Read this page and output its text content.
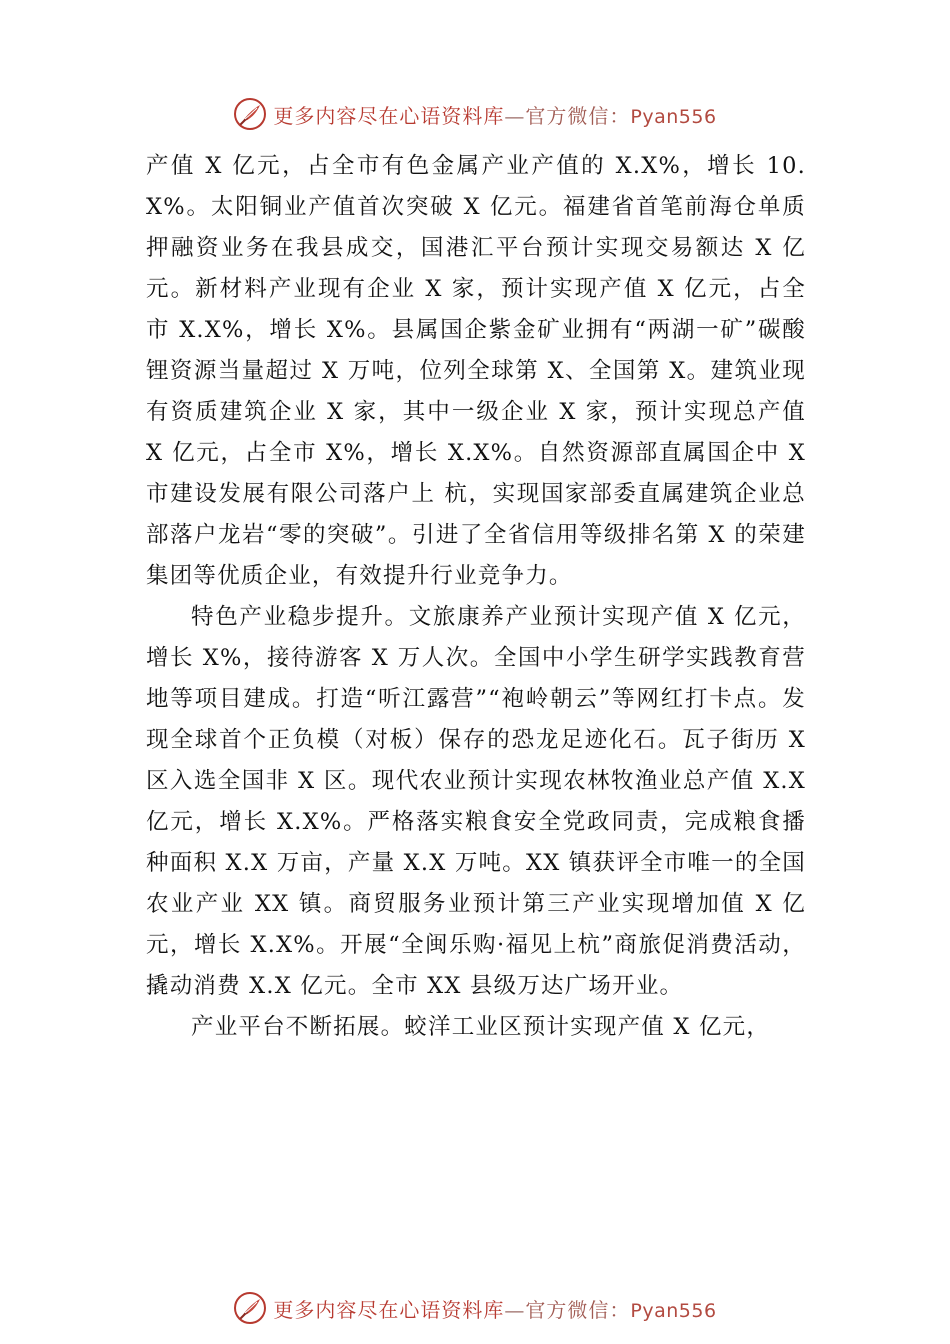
更多内容尽在心语资料库—官方微信：Pyan556

产值 X 亿元，占全市有色金属产业产值的 X.X%，增长 10.X%。太阳铜业产值首次突破 X 亿元。福建省首笔前海仓单质押融资业务在我县成交，国港汇平台预计实现交易额达 X 亿元。新材料产业现有企业 X 家，预计实现产值 X 亿元，占全市 X.X%，增长 X%。县属国企紫金矿业拥有“两湖一矿”碳酸锂资源当量超过 X 万吨，位列全球第 X、全国第 X。建筑业现有资质建筑企业 X 家，其中一级企业 X 家，预计实现总产值 X 亿元，占全市 X%，增长 X.X%。自然资源部直属国企中 X 市建设发展有限公司落户上 杭，实现国家部委直属建筑企业总部落户龙岩“零的突破”。引进了全省信用等级排名第 X 的荣建集团等优质企业，有效提升行业竞争力。

特色产业稳步提升。文旅康养产业预计实现产值 X 亿元，增长 X%，接待游客 X 万人次。全国中小学生研学实践教育营地等项目建成。打造“听江露营”“袍岭朝云”等网红打卡点。发现全球首个正负模（对板）保存的恐龙足迹化石。瓦子街历 X 区入选全国非 X 区。现代农业预计实现农林牧渔业总产值 X.X 亿元，增长 X.X%。严格落实粮食安全党政同责，完成粮食播种面积 X.X 万亩，产量 X.X 万吨。XX 镇获评全市唯一的全国农业产业 XX 镇。商贸服务业预计第三产业实现增加值 X 亿元，增长 X.X%。开展“全闽乐购·福见上杭”商旅促消费活动，撬动消费 X.X 亿元。全市 XX 县级万达广场开业。

产业平台不断拓展。蛟洋工业区预计实现产值 X 亿元，

更多内容尽在心语资料库—官方微信：Pyan556
